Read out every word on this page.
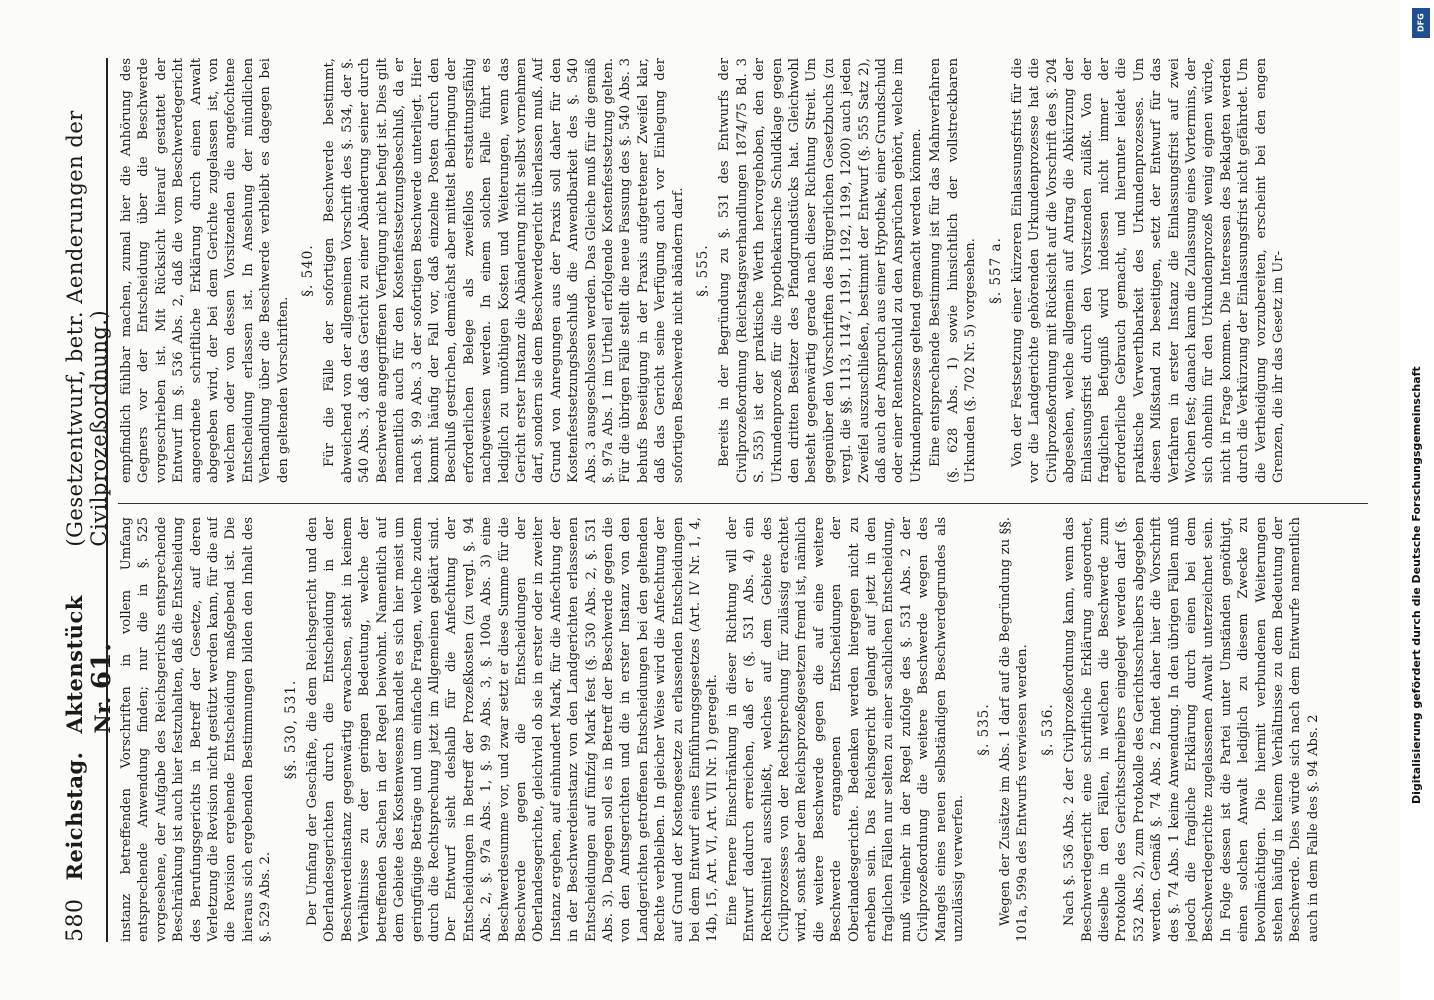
580
Reichstag.
Aktenstück Nr. 61.
(Gesetzentwurf, betr. Aenderungen der Civilprozeßordnung.)

instanz betreffenden Vorschriften in vollem Umfang entsprechende Anwendung finden; nur die in §. 525 vorgesehene, der Aufgabe des Reichsgerichts entsprechende Beschränkung ist auch hier festzuhalten, daß die Entscheidung des Berufungsgerichts in Betreff der Gesetze, auf deren Verletzung die Revision nicht gestützt werden kann, für die auf die Revision ergehende Entscheidung maßgebend ist. Die hieraus sich ergebenden Bestimmungen bilden den Inhalt des §. 529 Abs. 2.

§§. 530, 531. Der Umfang der Geschäfte, die dem Reichsgericht und den Oberlandesgerichten durch die Entscheidung in der Beschwerdeinstanz gegenwärtig erwachsen, steht in keinem Verhältnisse zu der geringen Bedeutung, welche der betreffenden Sachen in der Regel beiwohnt. Namentlich auf dem Gebiete des Kostenwesens handelt es sich hier meist um geringfügige Beträge und um einfache Fragen, welche zudem durch die Rechtsprechung jetzt im Allgemeinen geklärt sind. Der Entwurf sieht deshalb für die Anfechtung der Entscheidungen in Betreff der Prozeßkosten (zu vergl. §. 94 Abs. 2, §. 97a Abs. 1, §. 99 Abs. 3, §. 100a Abs. 3) eine Beschwerdesumme vor, und zwar setzt er diese Summe für die Beschwerde gegen die Entscheidungen der Oberlandesgerichte, gleichviel ob sie in erster oder in zweiter Instanz ergehen, auf einhundert Mark, für die Anfechtung der in der Beschwerdeinstanz von den Landgerichten erlassenen Entscheidungen auf fünfzig Mark fest (§. 530 Abs. 2, §. 531 Abs. 3). Dagegen soll es in Betreff der Beschwerde gegen die von den Amtsgerichten und die in erster Instanz von den Landgerichten getroffenen Entscheidungen bei den geltenden Rechte verbleiben. In gleicher Weise wird die Anfechtung der auf Grund der Kostengesetze zu erlassenden Entscheidungen bei dem Entwurf eines Einführungsgesetzes (Art. IV Nr. 1, 4, 14b, 15, Art. VI, Art. VII Nr. 1) geregelt. Eine fernere Einschränkung in dieser Richtung will der Entwurf dadurch erreichen, daß er (§. 531 Abs. 4) ein Rechtsmittel ausschließt, welches auf dem Gebiete des Civilprozesses von der Rechtsprechung für zulässig erachtet wird, sonst aber dem Reichsprozeßgesetzen fremd ist, nämlich die weitere Beschwerde gegen die auf eine weitere Beschwerde ergangenen Entscheidungen der Oberlandesgerichte. Bedenken werden hiergegen nicht zu erheben sein. Das Reichsgericht gelangt auf jetzt in den fraglichen Fällen nur selten zu einer sachlichen Entscheidung, muß vielmehr in der Regel zufolge des §. 531 Abs. 2 der Civilprozeßordnung die weitere Beschwerde wegen des Mangels eines neuen selbständigen Beschwerdegrundes als unzulässig verwerfen.

§. 535. Wegen der Zusätze im Abs. 1 darf auf die Begründung zu §§. 101a, 599a des Entwurfs verwiesen werden. §. 536. Nach §. 536 Abs. 2 der Civilprozeßordnung kann, wenn das Beschwerdegericht eine schriftliche Erklärung angeordnet, dieselbe in den Fällen, in welchen die Beschwerde zum Protokolle des Gerichtsschreibers eingelegt werden darf (§. 532 Abs. 2), zum Protokolle des Gerichtsschreibers abgegeben werden. Gemäß §. 74 Abs. 2 findet daher hier die Vorschrift des §. 74 Abs. 1 keine Anwendung. In den übrigen Fällen muß jedoch die fragliche Erklärung durch einen bei dem Beschwerdegerichte zugelassenen Anwalt unterzeichnet sein. In Folge dessen ist die Partei unter Umständen genöthigt, einen solchen Anwalt lediglich zu diesem Zwecke zu bevollmächtigen. Die hiermit verbundenen Weiterungen stehen häufig in keinem Verhältnisse zu dem Bedeutung der Beschwerde. Dies würde sich nach dem Entwurfe namentlich auch in dem Falle des §. 94 Abs. 2

empfindlich fühlbar machen, zumal hier die Anhörung des Gegners vor der Entscheidung über die Beschwerde vorgeschrieben ist. Mit Rücksicht hierauf gestattet der Entwurf im §. 536 Abs. 2, daß die vom Beschwerdegericht angeordnete schriftliche Erklärung durch einen Anwalt abgegeben wird, der bei dem Gerichte zugelassen ist, von welchem oder von dessen Vorsitzenden die angefochtene Entscheidung erlassen ist. In Ansehung der mündlichen Verhandlung über die Beschwerde verbleibt es dagegen bei den geltenden Vorschriften.

§. 540. Für die Fälle der sofortigen Beschwerde bestimmt, abweichend von der allgemeinen Vorschrift des §. 534, der §. 540 Abs. 3, daß das Gericht zu einer Abänderung seiner durch Beschwerde angegriffenen Verfügung nicht befugt ist. Dies gilt namentlich auch für den Kostenfestsetzungsbeschluß, da er nach §. 99 Abs. 3 der sofortigen Beschwerde unterliegt. Hier kommt häufig der Fall vor, daß einzelne Posten durch den Beschluß gestrichen, demnächst aber mittelst Beibringung der erforderlichen Belege als zweifellos erstattungsfähig nachgewiesen werden. In einem solchen Falle führt es lediglich zu unnöthigen Kosten und Weiterungen, wenn das Gericht erster Instanz die Abänderung nicht selbst vornehmen darf, sondern sie dem Beschwerdegericht überlassen muß. Auf Grund von Anregungen aus der Praxis soll daher für den Kostenfestsetzungsbeschluß die Anwendbarkeit des §. 540 Abs. 3 ausgeschlossen werden. Das Gleiche muß für die gemäß §. 97a Abs. 1 im Urtheil erfolgende Kostenfestsetzung gelten. Für die übrigen Fälle stellt die neue Fassung des §. 540 Abs. 3 behufs Beseitigung in der Praxis aufgetretener Zweifel klar, daß das Gericht seine Verfügung auch vor Einlegung der sofortigen Beschwerde nicht abändern darf. §. 555. Bereits in der Begründung zu §. 531 des Entwurfs der Civilprozeßordnung (Reichstagsverhandlungen 1874/75 Bd. 3 S. 535) ist der praktische Werth hervorgehoben, den der Urkundenprozeß für die hypothekarische Schuldklage gegen den dritten Besitzer des Pfandgrundstücks hat. Gleichwohl besteht gegenwärtig gerade nach dieser Richtung Streit. Um gegenüber den Vorschriften des Bürgerlichen Gesetzbuchs (zu vergl. die §§. 1113, 1147, 1191, 1192, 1199, 1200) auch jeden Zweifel auszuschließen, bestimmt der Entwurf (§. 555 Satz 2), daß auch der Anspruch aus einer Hypothek, einer Grundschuld oder einer Rentenschuld zu den Ansprüchen gehört, welche im Urkundenprozesse geltend gemacht werden können. Eine entsprechende Bestimmung ist für das Mahnverfahren (§. 628 Abs. 1) sowie hinsichtlich der vollstreckbaren Urkunden (§. 702 Nr. 5) vorgesehen. §. 557 a. Von der Festsetzung einer kürzeren Einlassungsfrist für die vor die Landgerichte gehörenden Urkundenprozesse hat die Civilprozeßordnung mit Rücksicht auf die Vorschrift des §. 204 abgesehen, welche allgemein auf Antrag die Abkürzung der Einlassungsfrist durch den Vorsitzenden zuläßt. Von der fraglichen Befugniß wird indessen nicht immer der erforderliche Gebrauch gemacht, und hierunter leidet die praktische Verwerthbarkeit des Urkundenprozesses. Um diesen Mißstand zu beseitigen, setzt der Entwurf für das Verfahren in erster Instanz die Einlassungsfrist auf zwei Wochen fest; danach kann die Zulassung eines Vortermins, der sich ohnehin für den Urkundenprozeß wenig eignen würde, nicht in Frage kommen. Die Interessen des Beklagten werden durch die Verkürzung der Einlassungsfrist nicht gefährdet. Um die Vertheidigung vorzubereiten, erscheint bei den engen Grenzen, die ihr das Gesetz im Ur-

DFG
Digitalisierung gefördert durch die Deutsche Forschungsgemeinschaft
